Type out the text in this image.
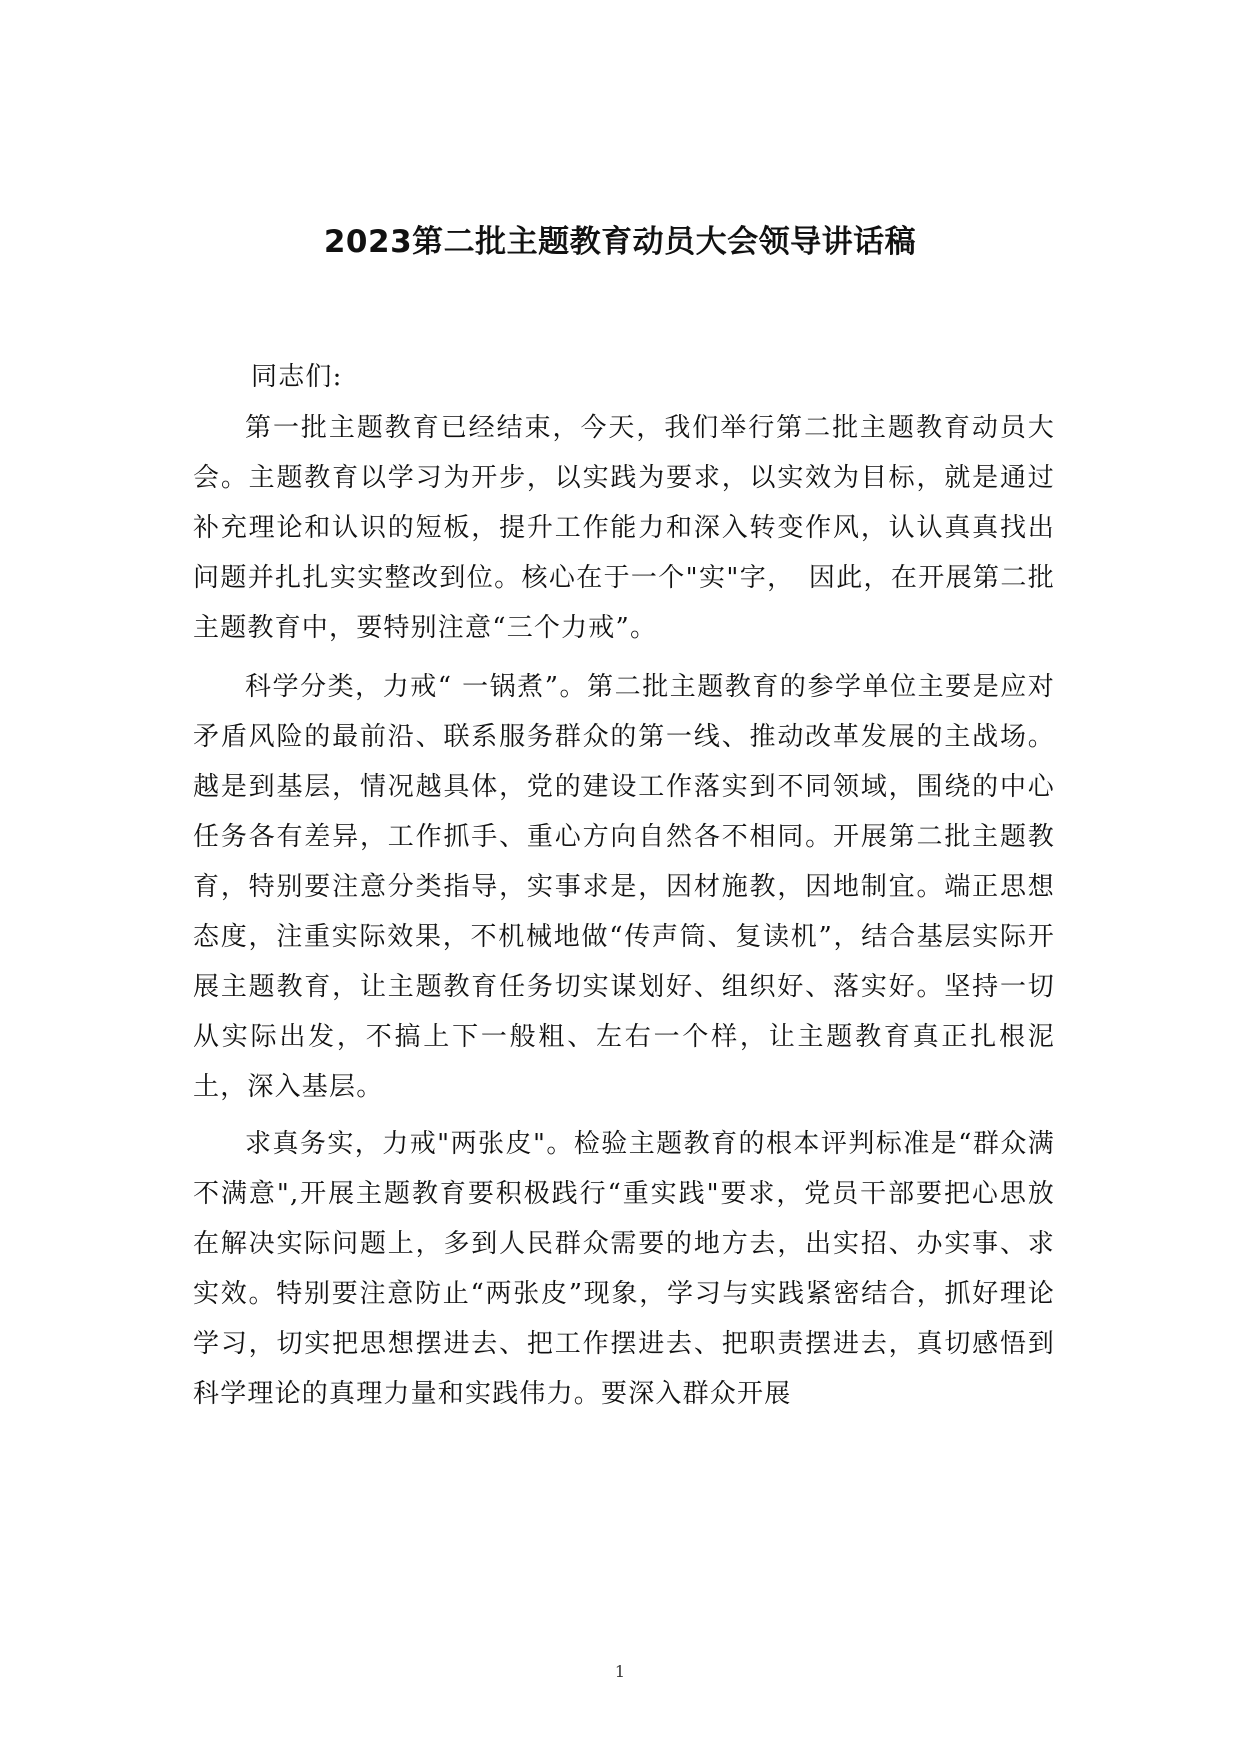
2023第二批主题教育动员大会领导讲话稿
同志们:

第一批主题教育已经结束，今天，我们举行第二批主题教育动员大会。主题教育以学习为开步，以实践为要求，以实效为目标，就是通过补充理论和认识的短板，提升工作能力和深入转变作风，认认真真找出问题并扎扎实实整改到位。核心在于一个"实"字，　因此，在开展第二批主题教育中，要特别注意“三个力戒”。

科学分类，力戒“ 一锅煮”。第二批主题教育的参学单位主要是应对矛盾风险的最前沿、联系服务群众的第一线、推动改革发展的主战场。越是到基层，情况越具体，党的建设工作落实到不同领域，围绕的中心任务各有差异，工作抓手、重心方向自然各不相同。开展第二批主题教育，特别要注意分类指导，实事求是，因材施教，因地制宜。端正思想态度，注重实际效果，不机械地做“传声筒、复读机”，结合基层实际开展主题教育，让主题教育任务切实谋划好、组织好、落实好。坚持一切从实际出发，不搞上下一般粗、左右一个样，让主题教育真正扎根泥土，深入基层。

求真务实，力戒"两张皮"。检验主题教育的根本评判标准是“群众满不满意",开展主题教育要积极践行“重实践"要求，党员干部要把心思放在解决实际问题上，多到人民群众需要的地方去，出实招、办实事、求实效。特别要注意防止“两张皮”现象，学习与实践紧密结合，抓好理论学习，切实把思想摆进去、把工作摆进去、把职责摆进去，真切感悟到科学理论的真理力量和实践伟力。要深入群众开展

1
